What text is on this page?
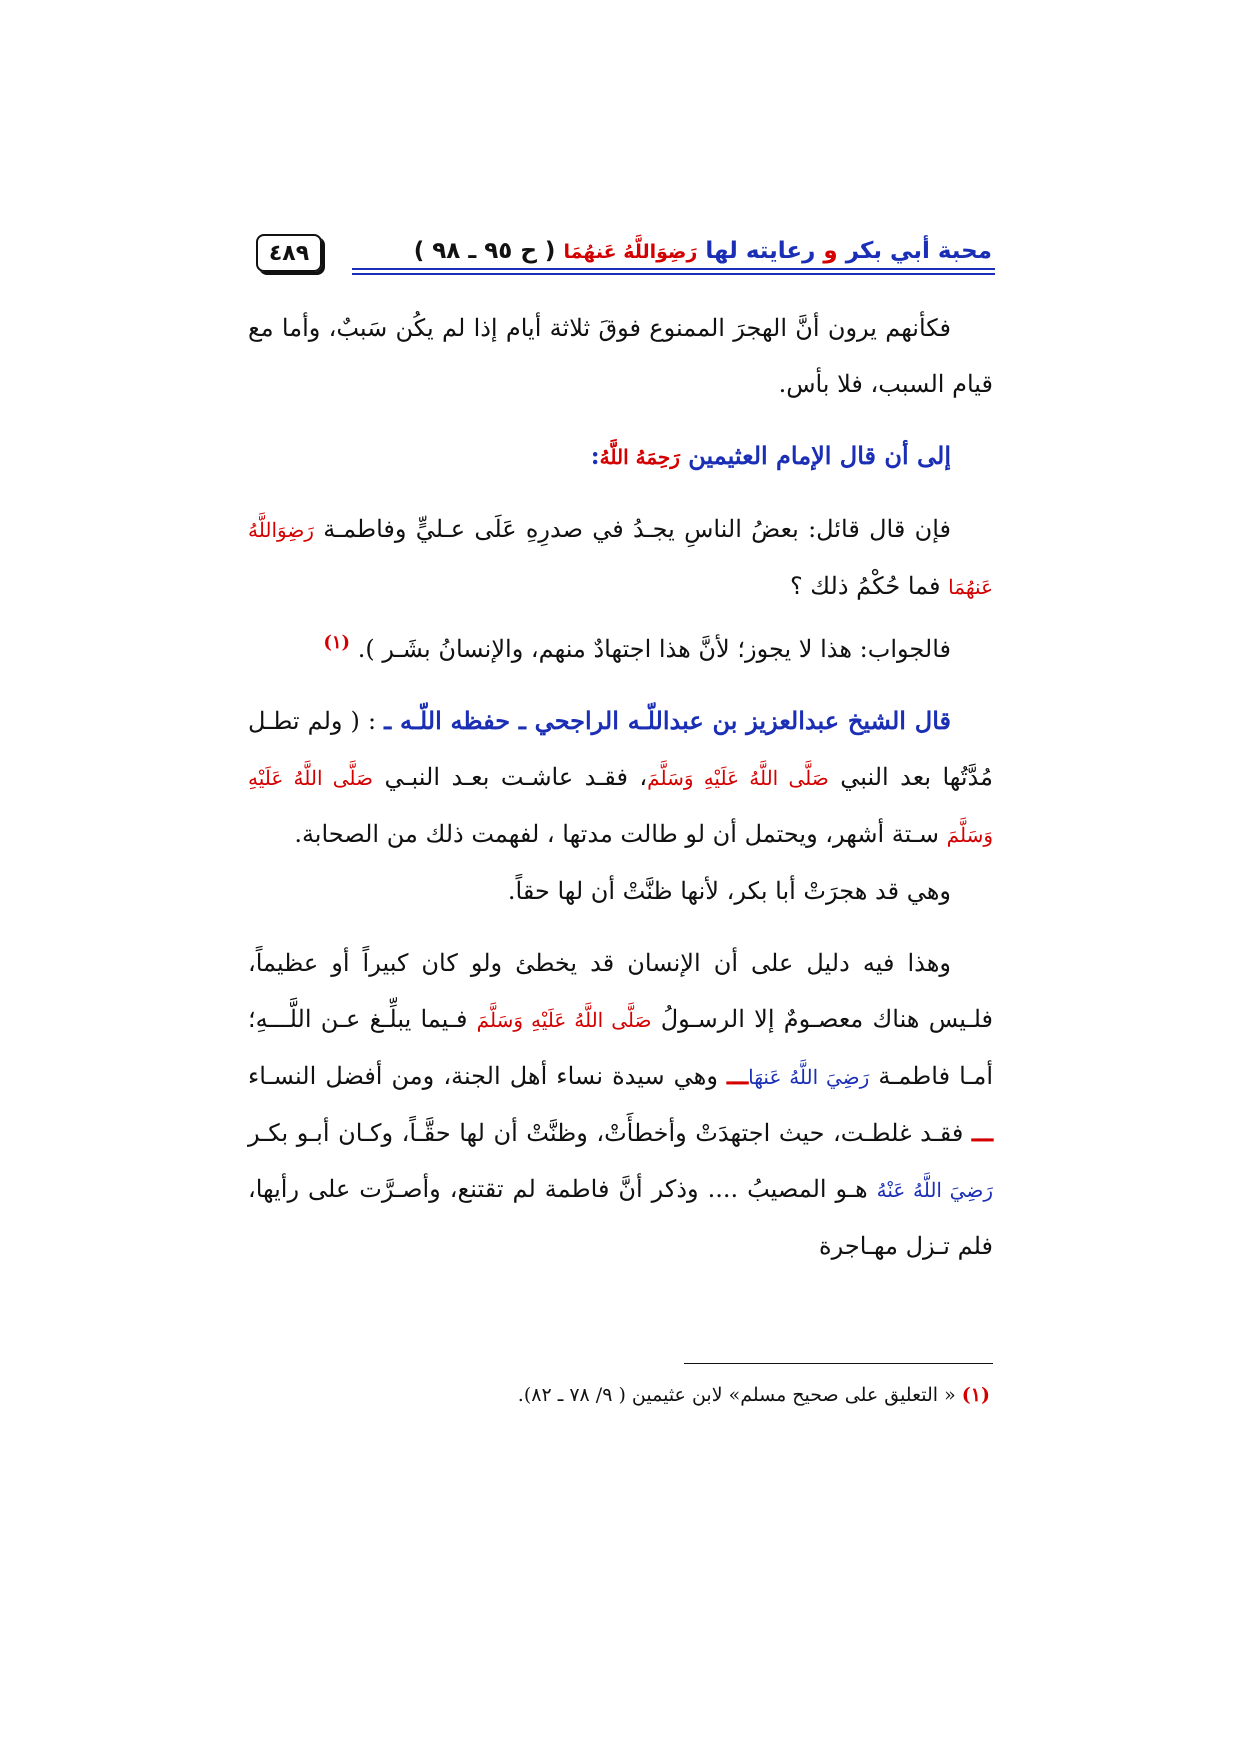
٤٨٩	محبة أبي بكر و رعايته لها رَضِوَاللَّهُ عَنهُمَا ( ح ٩٥ ـ ٩٨ )

فكأنهم يرون أنَّ الهجرَ الممنوع فوقَ ثلاثة أيام إذا لم يكُن سَببٌ، وأما مع قيام السبب، فلا بأس.

إلى أن قال الإمام العثيمين رَحِمَهُ اللَّهُ:

فإن قال قائل: بعضُ الناسِ يجـدُ في صدرِهِ عَلَى عـليٍّ وفاطمـة رَضِوَاللَّهُ عَنهُمَا فما حُكْمُ ذلك ؟

فالجواب: هذا لا يجوز؛ لأنَّ هذا اجتهادٌ منهم، والإنسانُ بشَـر ). $^{(١)}$

قال الشيخ عبدالعزيز بن عبداللّـه الراجحي ـ حفظه اللّـه ـ : ( ولم تطـل مُدَّتُها بعد النبي صَلَّى اللَّهُ عَلَيْهِ وَسَلَّمَ، فقـد عاشـت بعـد النبـي صَلَّى اللَّهُ عَلَيْهِ وَسَلَّمَ سـتة أشهر، ويحتمل أن لو طالت مدتها ، لفهمت ذلك من الصحابة.

وهي قد هجرَتْ أبا بكر، لأنها ظنَّتْ أن لها حقاً.

وهذا فيه دليل على أن الإنسان قد يخطئ ولو كان كبيراً أو عظيماً، فلـيس هناك معصـومٌ إلا الرسـولُ صَلَّى اللَّهُ عَلَيْهِ وَسَلَّمَ فـيما يبلِّـغ عـن اللَّـــهِ؛ أمـا فاطمـة رَضِيَ اللَّهُ عَنهَاـــ وهي سيدة نساء أهل الجنة، ومن أفضل النسـاء ـــ فقـد غلطـت، حيث اجتهدَتْ وأخطأَتْ، وظنَّتْ أن لها حقَّـاً، وكـان أبـو بكـر رَضِيَ اللَّهُ عَنْهُ هـو المصيبُ .... وذكر أنَّ فاطمة لم تقتنع، وأصـرَّت على رأيها، فلم تـزل مهـاجرة

(١) « التعليق على صحيح مسلم» لابن عثيمين ( ٩/ ٧٨ ـ ٨٢).
